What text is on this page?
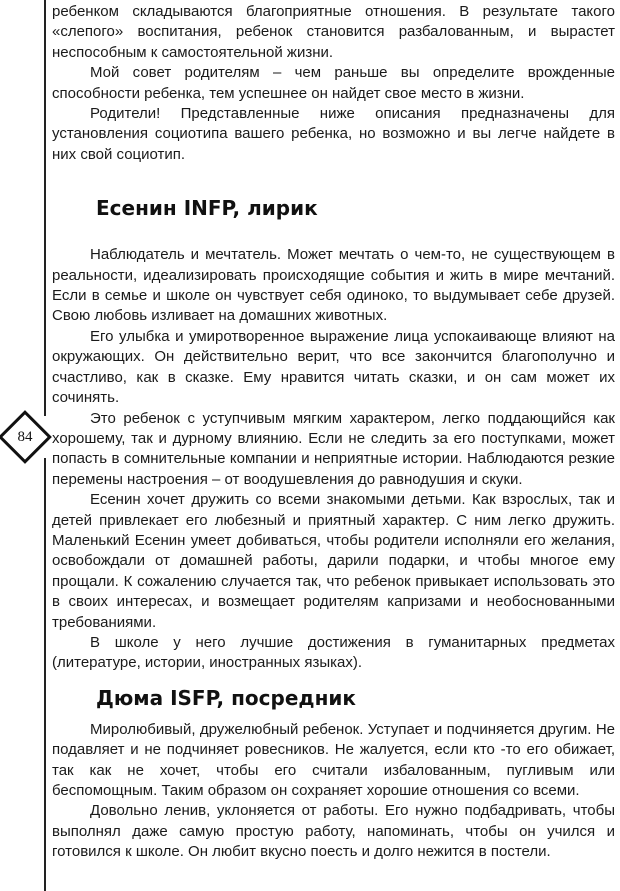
84

ребенком складываются благоприятные отношения. В результате такого «слепого» воспитания, ребенок становится разбалованным, и вырастет неспособным к самостоятельной жизни.

Мой совет родителям – чем раньше вы определите врожденные способности ребенка, тем успешнее он найдет свое место в жизни.

Родители! Представленные ниже описания предназначены для установления социотипа вашего ребенка, но возможно и вы легче найдете в них свой социотип.

Есенин INFP, лирик

Наблюдатель и мечтатель. Может мечтать о чем-то, не существующем в реальности, идеализировать происходящие события и жить в мире мечтаний. Если в семье и школе он чувствует себя одиноко, то выдумывает себе друзей. Свою любовь изливает на домашних животных.

Его улыбка и умиротворенное выражение лица успокаивающе влияют на окружающих. Он действительно верит, что все закончится благополучно и счастливо, как в сказке. Ему нравится читать сказки, и он сам может их сочинять.

Это ребенок с уступчивым мягким характером, легко поддающийся как хорошему, так и дурному влиянию. Если не следить за его поступками, может попасть в сомнительные компании и неприятные истории. Наблюдаются резкие перемены настроения – от воодушевления до равнодушия и скуки.

Есенин хочет дружить со всеми знакомыми детьми. Как взрослых, так и детей привлекает его любезный и приятный характер. С ним легко дружить. Маленький Есенин умеет добиваться, чтобы родители исполняли его желания, освобождали от домашней работы, дарили подарки, и чтобы многое ему прощали. К сожалению случается так, что ребенок привыкает использовать это в своих интересах, и возмещает родителям капризами и необоснованными требованиями.

В школе у него лучшие достижения в гуманитарных предметах (литературе, истории, иностранных языках).

Дюма ISFP, посредник

Миролюбивый, дружелюбный ребенок. Уступает и подчиняется другим. Не подавляет и не подчиняет ровесников. Не жалуется, если кто -то его обижает, так как не хочет, чтобы его считали избалованным, пугливым или беспомощным. Таким образом он сохраняет хорошие отношения со всеми.

Довольно ленив, уклоняется от работы. Его нужно подбадривать, чтобы выполнял даже самую простую работу, напоминать, чтобы он учился и готовился к школе. Он любит вкусно поесть и долго нежится в постели.
